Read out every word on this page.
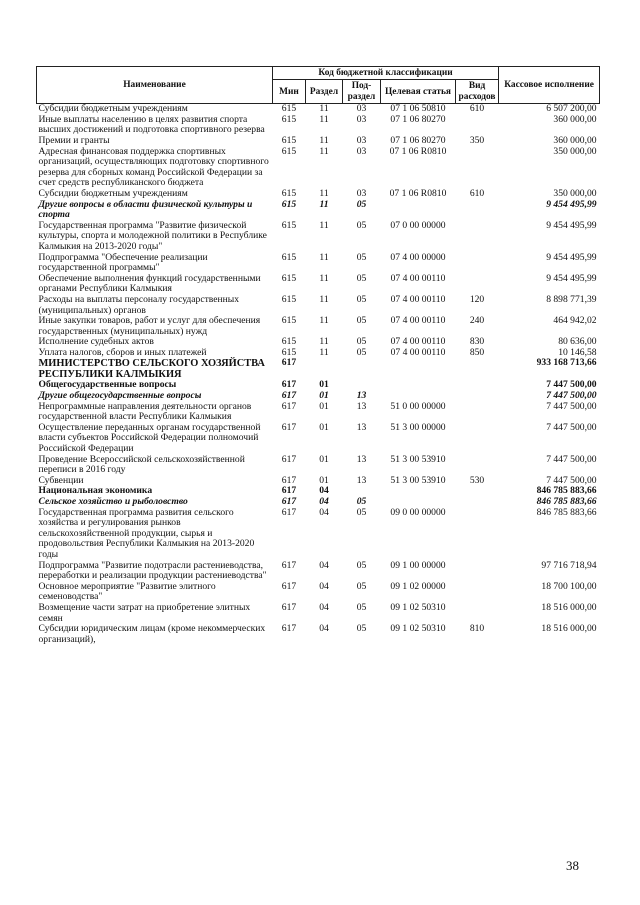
Наименование	Код бюджетной классификации					Кассовое исполнение
	Мин	Раздел	Под-раздел	Целевая статья	Вид расходов	
Субсидии бюджетным учреждениям	615	11	03	07 1 06 50810	610	6 507 200,00
Иные выплаты населению в целях развития спорта высших достижений и подготовка спортивного резерва	615	11	03	07 1 06 80270		360 000,00
Премии и гранты	615	11	03	07 1 06 80270	350	360 000,00
Адресная финансовая поддержка спортивных организаций, осуществляющих подготовку спортивного резерва для сборных команд Российской Федерации за счет средств республиканского бюджета	615	11	03	07 1 06 R0810		350 000,00
Субсидии бюджетным учреждениям	615	11	03	07 1 06 R0810	610	350 000,00
Другие вопросы в области физической культуры и спорта	615	11	05			9 454 495,99
Государственная программа "Развитие физической культуры, спорта и молодежной политики в Республике Калмыкия на 2013-2020 годы"	615	11	05	07 0 00 00000		9 454 495,99
Подпрограмма "Обеспечение реализации государственной программы"	615	11	05	07 4 00 00000		9 454 495,99
Обеспечение выполнения функций государственными органами Республики Калмыкия	615	11	05	07 4 00 00110		9 454 495,99
Расходы на выплаты персоналу государственных (муниципальных) органов	615	11	05	07 4 00 00110	120	8 898 771,39
Иные закупки товаров, работ и услуг для обеспечения государственных (муниципальных) нужд	615	11	05	07 4 00 00110	240	464 942,02
Исполнение судебных актов	615	11	05	07 4 00 00110	830	80 636,00
Уплата налогов, сборов и иных платежей	615	11	05	07 4 00 00110	850	10 146,58
МИНИСТЕРСТВО СЕЛЬСКОГО ХОЗЯЙСТВА РЕСПУБЛИКИ КАЛМЫКИЯ	617					933 168 713,66
Общегосударственные вопросы	617	01				7 447 500,00
Другие общегосударственные вопросы	617	01	13			7 447 500,00
Непрограммные направления деятельности органов государственной власти Республики Калмыкия	617	01	13	51 0 00 00000		7 447 500,00
Осуществление переданных органам государственной власти субъектов Российской Федерации полномочий Российской Федерации	617	01	13	51 3 00 00000		7 447 500,00
Проведение Всероссийской сельскохозяйственной переписи в 2016 году	617	01	13	51 3 00 53910		7 447 500,00
Субвенции	617	01	13	51 3 00 53910	530	7 447 500,00
Национальная экономика	617	04				846 785 883,66
Сельское хозяйство и рыболовство	617	04	05			846 785 883,66
Государственная программа развития сельского хозяйства и регулирования рынков сельскохозяйственной продукции, сырья и продовольствия Республики Калмыкия на 2013-2020 годы	617	04	05	09 0 00 00000		846 785 883,66
Подпрограмма "Развитие подотрасли растениеводства, переработки и реализации продукции растениеводства"	617	04	05	09 1 00 00000		97 716 718,94
Основное мероприятие "Развитие элитного семеноводства"	617	04	05	09 1 02 00000		18 700 100,00
Возмещение части затрат на приобретение элитных семян	617	04	05	09 1 02 50310		18 516 000,00
Субсидии юридическим лицам (кроме некоммерческих организаций),	617	04	05	09 1 02 50310	810	18 516 000,00
38
